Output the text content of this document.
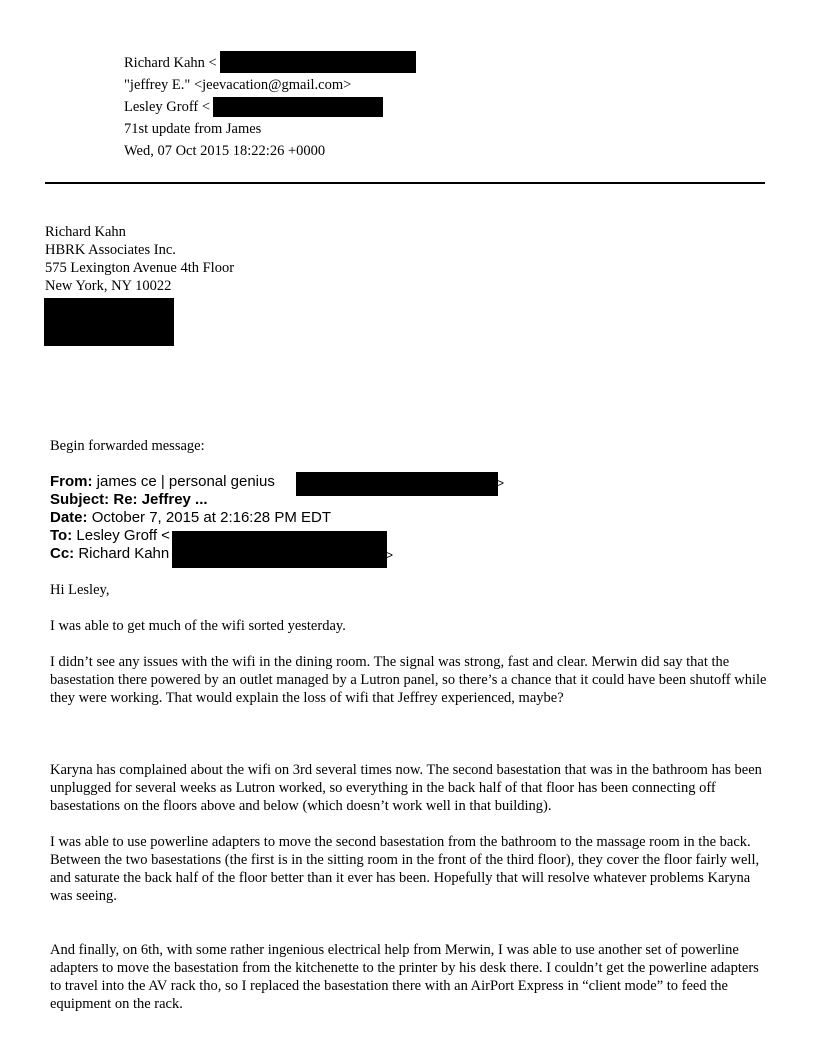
Richard Kahn <
"jeffrey E." <jeevacation@gmail.com>
Lesley Groff <
71st update from James
Wed, 07 Oct 2015 18:22:26 +0000
Richard Kahn
HBRK Associates Inc.
575 Lexington Avenue 4th Floor
New York, NY 10022
Begin forwarded message:
From: james ce | personal genius	>
Subject: Re: Jeffrey ...
Date: October 7, 2015 at 2:16:28 PM EDT
To: Lesley Groff <
Cc: Richard Kahn	>

Hi Lesley,

I was able to get much of the wifi sorted yesterday.

I didn’t see any issues with the wifi in the dining room. The signal was strong, fast and clear. Merwin did say that the basestation there powered by an outlet managed by a Lutron panel, so there’s a chance that it could have been shutoff while they were working. That would explain the loss of wifi that Jeffrey experienced, maybe?

Karyna has complained about the wifi on 3rd several times now. The second basestation that was in the bathroom has been unplugged for several weeks as Lutron worked, so everything in the back half of that floor has been connecting off basestations on the floors above and below (which doesn’t work well in that building).

I was able to use powerline adapters to move the second basestation from the bathroom to the massage room in the back. Between the two basestations (the first is in the sitting room in the front of the third floor), they cover the floor fairly well, and saturate the back half of the floor better than it ever has been. Hopefully that will resolve whatever problems Karyna was seeing.

And finally, on 6th, with some rather ingenious electrical help from Merwin, I was able to use another set of powerline adapters to move the basestation from the kitchenette to the printer by his desk there. I couldn’t get the powerline adapters to travel into the AV rack tho, so I replaced the basestation there with an AirPort Express in “client mode” to feed the equipment on the rack.
